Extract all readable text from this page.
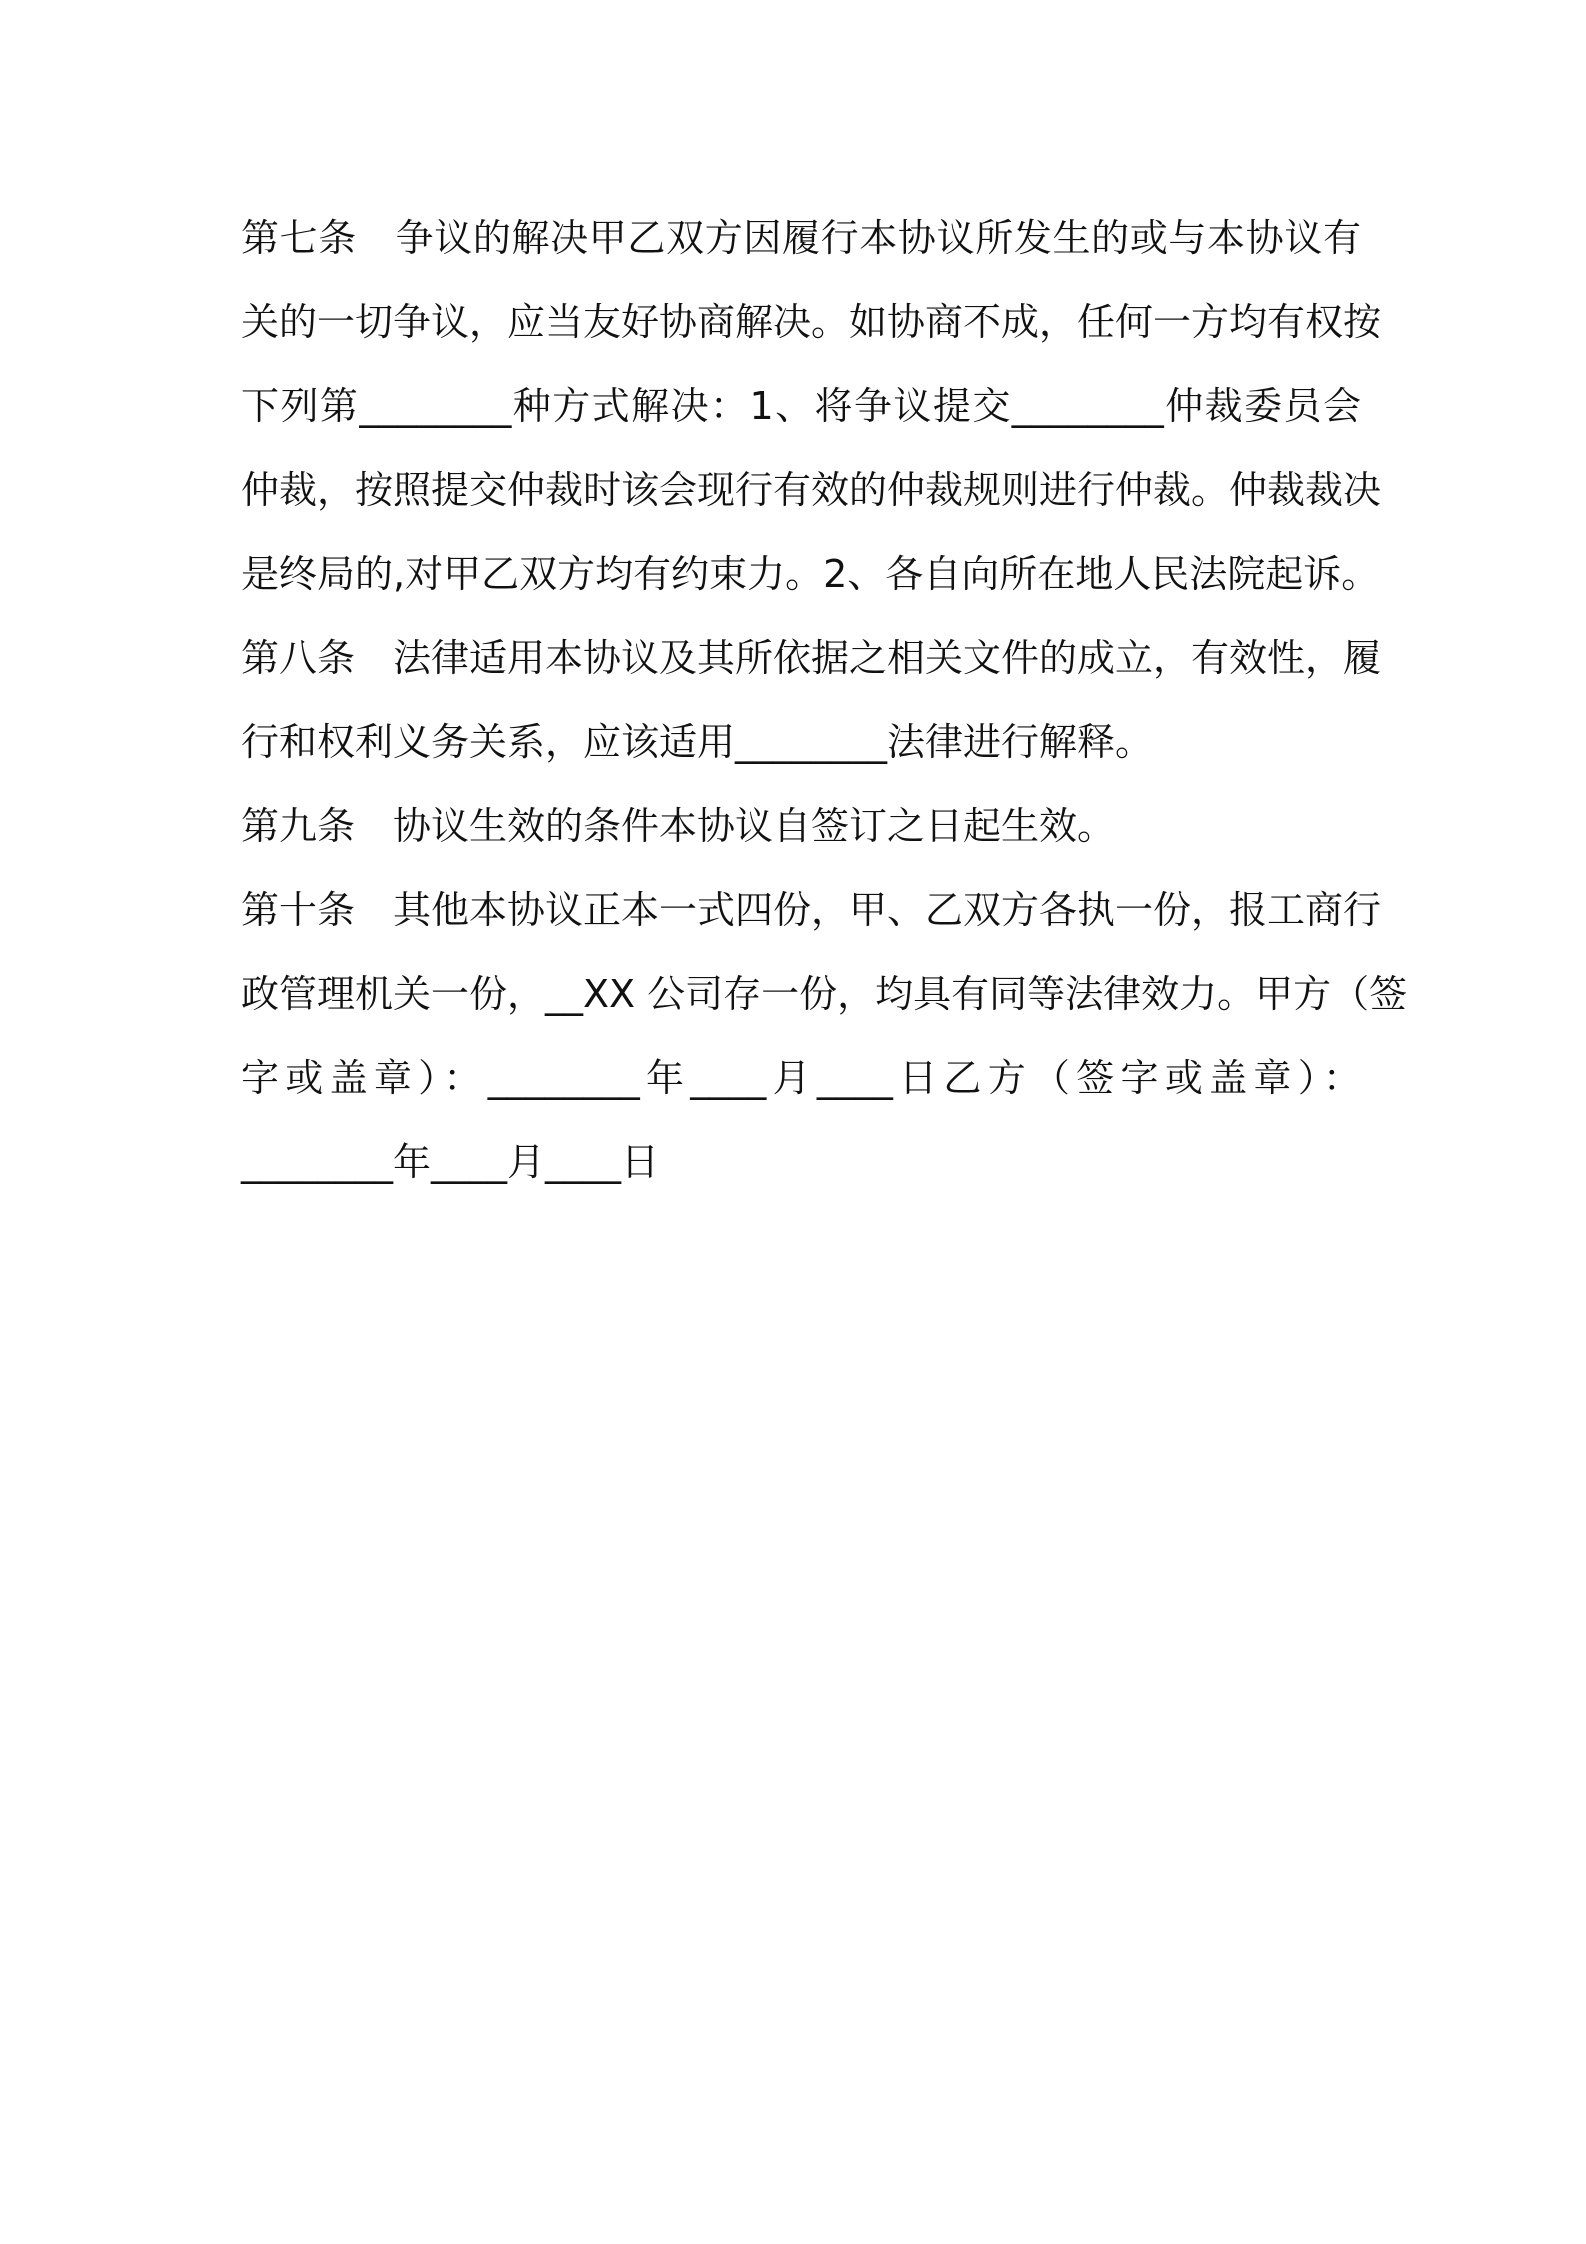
第七条　争议的解决甲乙双方因履行本协议所发生的或与本协议有
关的一切争议，应当友好协商解决。如协商不成，任何一方均有权按
下列第________种方式解决：1、将争议提交________仲裁委员会
仲裁，按照提交仲裁时该会现行有效的仲裁规则进行仲裁。仲裁裁决
是终局的,对甲乙双方均有约束力。2、各自向所在地人民法院起诉。
第八条　法律适用本协议及其所依据之相关文件的成立，有效性，履
行和权利义务关系，应该适用________法律进行解释。
第九条　协议生效的条件本协议自签订之日起生效。
第十条　其他本协议正本一式四份，甲、乙双方各执一份，报工商行
政管理机关一份，__XX 公司存一份，均具有同等法律效力。甲方（签
字或盖章）：________年____月____日乙方（签字或盖章）：
________年____月____日
